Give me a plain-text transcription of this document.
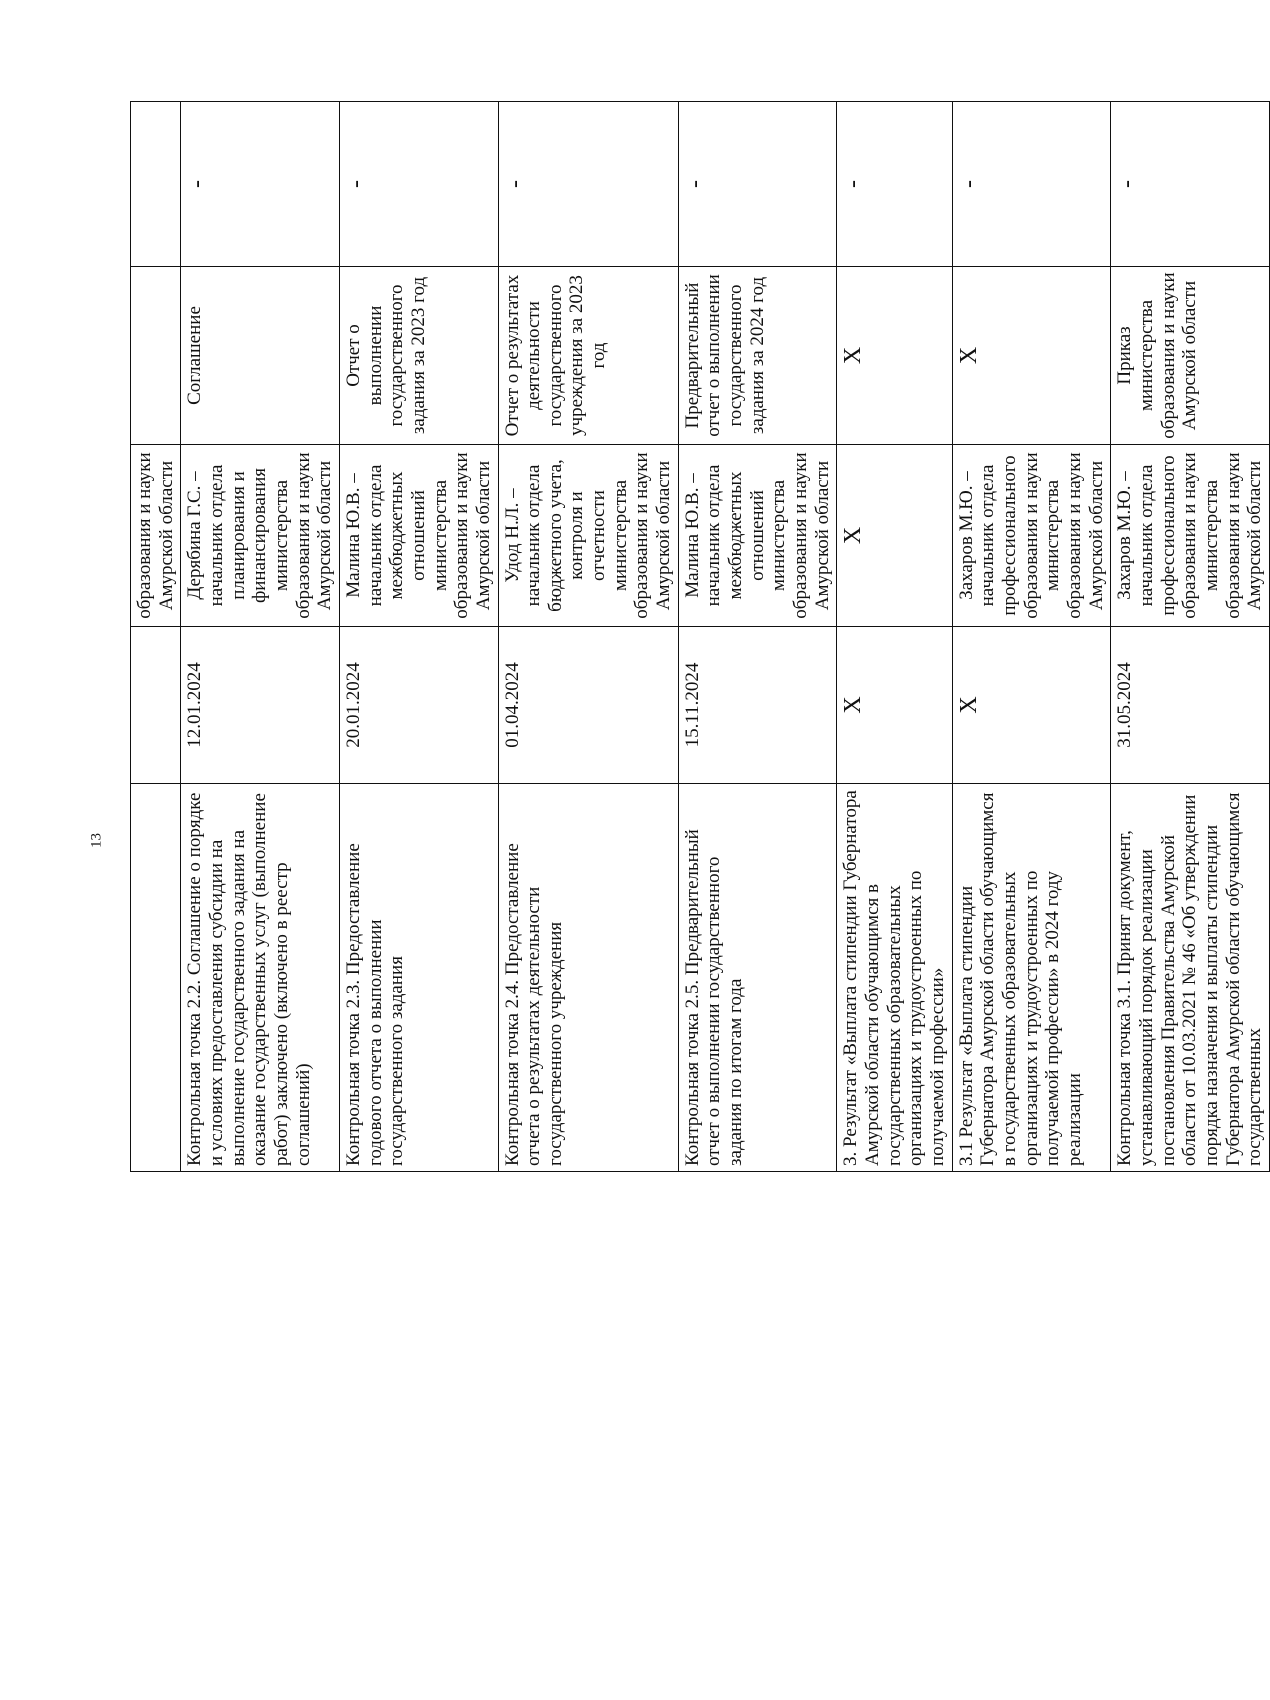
13
		образования и науки Амурской области		
Контрольная точка 2.2. Соглашение о порядке и условиях предоставления субсидии на выполнение государственного задания на оказание государственных услуг (выполнение работ) заключено (включено в реестр соглашений)	12.01.2024	Дерябина Г.С. – начальник отдела планирования и финансирования министерства образования и науки Амурской области	Соглашение	-
Контрольная точка 2.3. Предоставление годового отчета о выполнении государственного задания	20.01.2024	Малина Ю.В. – начальник отдела межбюджетных отношений министерства образования и науки Амурской области	Отчет о выполнении государственного задания за 2023 год	-
Контрольная точка 2.4. Предоставление отчета о результатах деятельности государственного учреждения	01.04.2024	Удод Н.Л. – начальник отдела бюджетного учета, контроля и отчетности министерства образования и науки Амурской области	Отчет о результатах деятельности государственного учреждения за 2023 год	-
Контрольная точка 2.5. Предварительный отчет о выполнении государственного задания по итогам года	15.11.2024	Малина Ю.В. – начальник отдела межбюджетных отношений министерства образования и науки Амурской области	Предварительный отчет о выполнении государственного задания за 2024 год	-
3. Результат «Выплата стипендии Губернатора Амурской области обучающимся в государственных образовательных организациях и трудоустроенных по получаемой профессии»	Х	Х	Х	-
3.1 Результат «Выплата стипендии Губернатора Амурской области обучающимся в государственных образовательных организациях и трудоустроенных по получаемой профессии» в 2024 году реализации	Х	Захаров М.Ю. – начальник отдела профессионального образования и науки министерства образования и науки Амурской области	Х	-
Контрольная точка 3.1. Принят документ, устанавливающий порядок реализации постановления Правительства Амурской области от 10.03.2021 № 46 «Об утверждении порядка назначения и выплаты стипендии Губернатора Амурской области обучающимся государственных	31.05.2024	Захаров М.Ю. – начальник отдела профессионального образования и науки министерства образования и науки Амурской области	Приказ министерства образования и науки Амурской области	-
